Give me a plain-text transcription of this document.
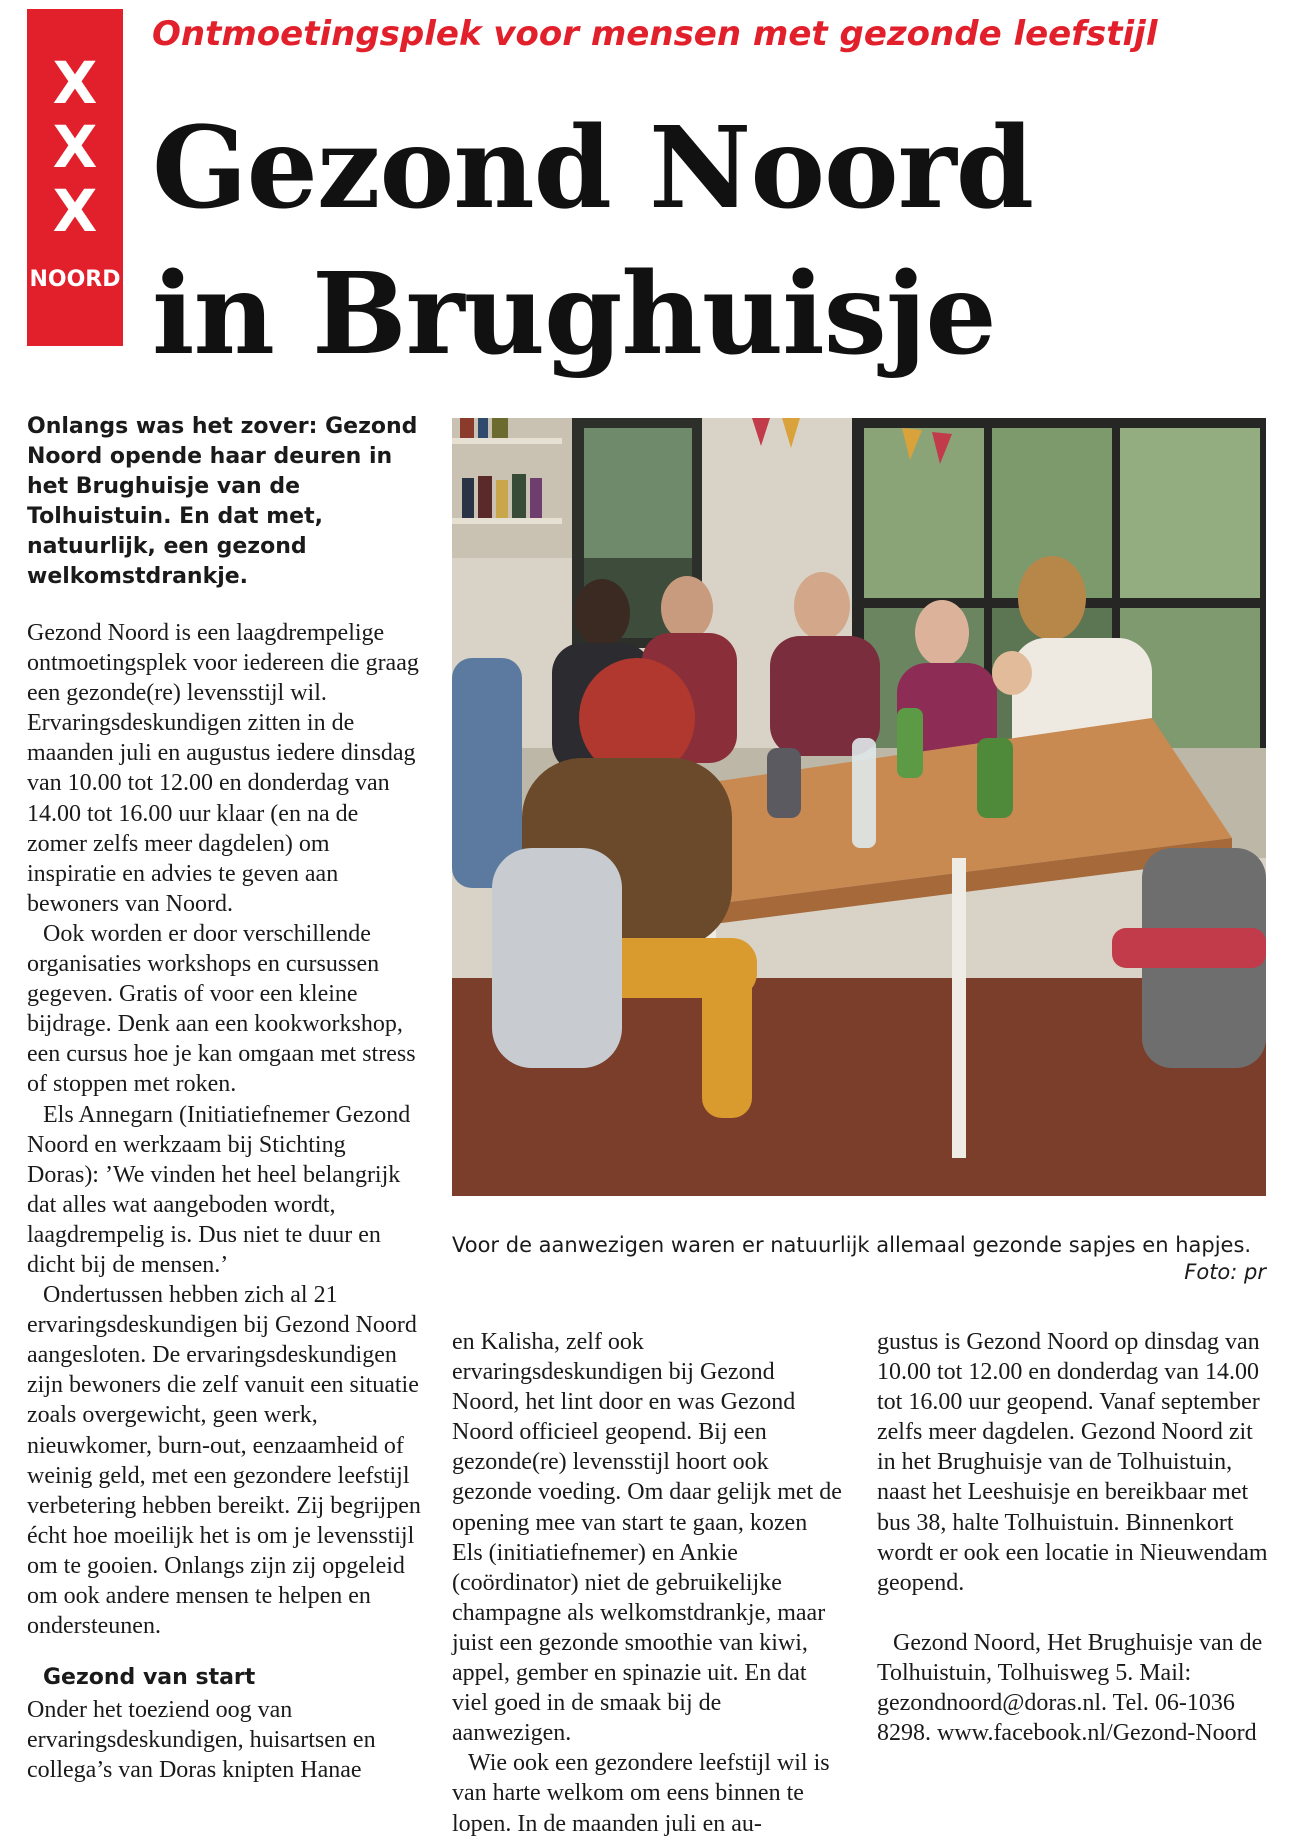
X
X
X
NOORD
Ontmoetingsplek voor mensen met gezonde leefstijl
Gezond Noord
in Brughuisje

Onlangs was het zover: Gezond Noord opende haar deuren in het Brughuisje van de Tolhuistuin. En dat met, natuurlijk, een gezond welkomstdrankje.

Gezond Noord is een laagdrempelige ontmoetingsplek voor iedereen die graag een gezonde(re) levensstijl wil. Ervaringsdeskundigen zitten in de maanden juli en augustus iedere dinsdag van 10.00 tot 12.00 en donderdag van 14.00 tot 16.00 uur klaar (en na de zomer zelfs meer dagdelen) om inspiratie en advies te geven aan bewoners van Noord.

Ook worden er door verschillende organisaties workshops en cursussen gegeven. Gratis of voor een kleine bijdrage. Denk aan een kookworkshop, een cursus hoe je kan omgaan met stress of stoppen met roken.

Els Annegarn (Initiatiefnemer Gezond Noord en werkzaam bij Stichting Doras): ’We vinden het heel belangrijk dat alles wat aangeboden wordt, laagdrempelig is. Dus niet te duur en dicht bij de mensen.’

Ondertussen hebben zich al 21 ervaringsdeskundigen bij Gezond Noord aangesloten. De ervaringsdeskundigen zijn bewoners die zelf vanuit een situatie zoals overgewicht, geen werk, nieuwkomer, burn-out, eenzaamheid of weinig geld, met een gezondere leefstijl verbetering hebben bereikt. Zij begrijpen écht hoe moeilijk het is om je levensstijl om te gooien. Onlangs zijn zij opgeleid om ook andere mensen te helpen en ondersteunen.

Gezond van start

Onder het toeziend oog van ervaringsdeskundigen, huisartsen en collega’s van Doras knipten Hanae

Voor de aanwezigen waren er natuurlijk allemaal gezonde sapjes en hapjes.
Foto: pr

en Kalisha, zelf ook ervaringsdeskundigen bij Gezond Noord, het lint door en was Gezond Noord officieel geopend. Bij een gezonde(re) levensstijl hoort ook gezonde voeding. Om daar gelijk met de opening mee van start te gaan, kozen Els (initiatiefnemer) en Ankie (coördinator) niet de gebruikelijke champagne als welkomstdrankje, maar juist een gezonde smoothie van kiwi, appel, gember en spinazie uit. En dat viel goed in de smaak bij de aanwezigen.

Wie ook een gezondere leefstijl wil is van harte welkom om eens binnen te lopen. In de maanden juli en au-

gustus is Gezond Noord op dinsdag van 10.00 tot 12.00 en donderdag van 14.00 tot 16.00 uur geopend. Vanaf september zelfs meer dagdelen. Gezond Noord zit in het Brughuisje van de Tolhuistuin, naast het Leeshuisje en bereikbaar met bus 38, halte Tolhuistuin. Binnenkort wordt er ook een locatie in Nieuwendam geopend.

Gezond Noord, Het Brughuisje van de Tolhuistuin, Tolhuisweg 5. Mail: gezondnoord@doras.nl. Tel. 06-1036 8298. www.facebook.nl/Gezond-Noord
